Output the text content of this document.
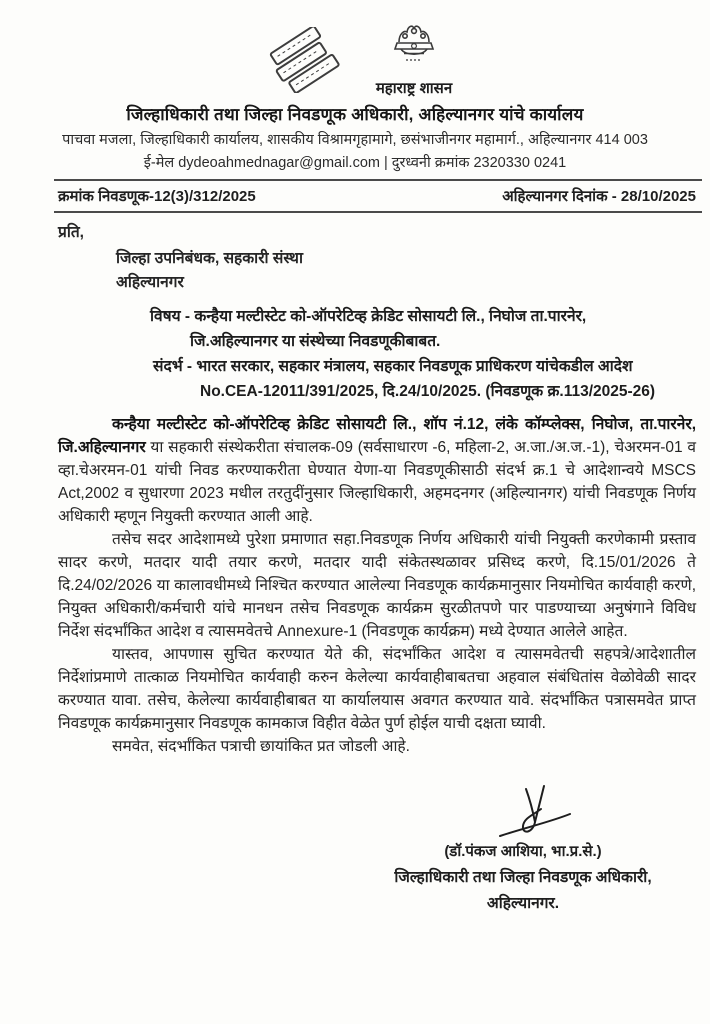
महाराष्ट्र शासन
जिल्हाधिकारी तथा जिल्हा निवडणूक अधिकारी, अहिल्यानगर यांचे कार्यालय
पाचवा मजला, जिल्हाधिकारी कार्यालय, शासकीय विश्रामगृहामागे, छसंभाजीनगर महामार्ग., अहिल्यानगर 414 003
ई-मेल dydeoahmednagar@gmail.com | दुरध्वनी क्रमांक 2320330 0241
क्रमांक निवडणूक-12(3)/312/2025	अहिल्यानगर दिनांक - 28/10/2025
प्रति,
जिल्हा उपनिबंधक, सहकारी संस्था
अहिल्यानगर
विषय - कन्हैया मल्टीस्टेट को-ऑपरेटिव्ह क्रेडिट सोसायटी लि., निघोज ता.पारनेर,
जि.अहिल्यानगर या संस्थेच्या निवडणूकीबाबत.
संदर्भ - भारत सरकार, सहकार मंत्रालय, सहकार निवडणूक प्राधिकरण यांचेकडील आदेश
No.CEA-12011/391/2025, दि.24/10/2025. (निवडणूक क्र.113/2025-26)

कन्हैया मल्टीस्टेट को-ऑपरेटिव्ह क्रेडिट सोसायटी लि., शॉप नं.12, लंके कॉम्प्लेक्स, निघोज, ता.पारनेर, जि.अहिल्यानगर या सहकारी संस्थेकरीता संचालक-09 (सर्वसाधारण -6, महिला-2, अ.जा./अ.ज.-1), चेअरमन-01 व व्हा.चेअरमन-01 यांची निवड करण्याकरीता घेण्यात येणा-या निवडणूकीसाठी संदर्भ क्र.1 चे आदेशान्वये MSCS Act,2002 व सुधारणा 2023 मधील तरतुदींनुसार जिल्हाधिकारी, अहमदनगर (अहिल्यानगर) यांची निवडणूक निर्णय अधिकारी म्हणून नियुक्ती करण्यात आली आहे.

तसेच सदर आदेशामध्ये पुरेशा प्रमाणात सहा.निवडणूक निर्णय अधिकारी यांची नियुक्ती करणेकामी प्रस्ताव सादर करणे, मतदार यादी तयार करणे, मतदार यादी संकेतस्थळावर प्रसिध्द करणे, दि.15/01/2026 ते दि.24/02/2026 या कालावधीमध्ये निश्चित करण्यात आलेल्या निवडणूक कार्यक्रमानुसार नियमोचित कार्यवाही करणे, नियुक्त अधिकारी/कर्मचारी यांचे मानधन तसेच निवडणूक कार्यक्रम सुरळीतपणे पार पाडण्याच्या अनुषंगाने विविध निर्देश संदर्भांकित आदेश व त्यासमवेतचे Annexure-1 (निवडणूक कार्यक्रम) मध्ये देण्यात आलेले आहेत.

यास्तव, आपणास सुचित करण्यात येते की, संदर्भांकित आदेश व त्यासमवेतची सहपत्रे/आदेशातील निर्देशांप्रमाणे तात्काळ नियमोचित कार्यवाही करुन केलेल्या कार्यवाहीबाबतचा अहवाल संबंधितांस वेळोवेळी सादर करण्यात यावा. तसेच, केलेल्या कार्यवाहीबाबत या कार्यालयास अवगत करण्यात यावे. संदर्भांकित पत्रासमवेत प्राप्त निवडणूक कार्यक्रमानुसार निवडणूक कामकाज विहीत वेळेत पुर्ण होईल याची दक्षता घ्यावी.

समवेत, संदर्भांकित पत्राची छायांकित प्रत जोडली आहे.

(डॉ.पंकज आशिया, भा.प्र.से.)
जिल्हाधिकारी तथा जिल्हा निवडणूक अधिकारी,
अहिल्यानगर.
